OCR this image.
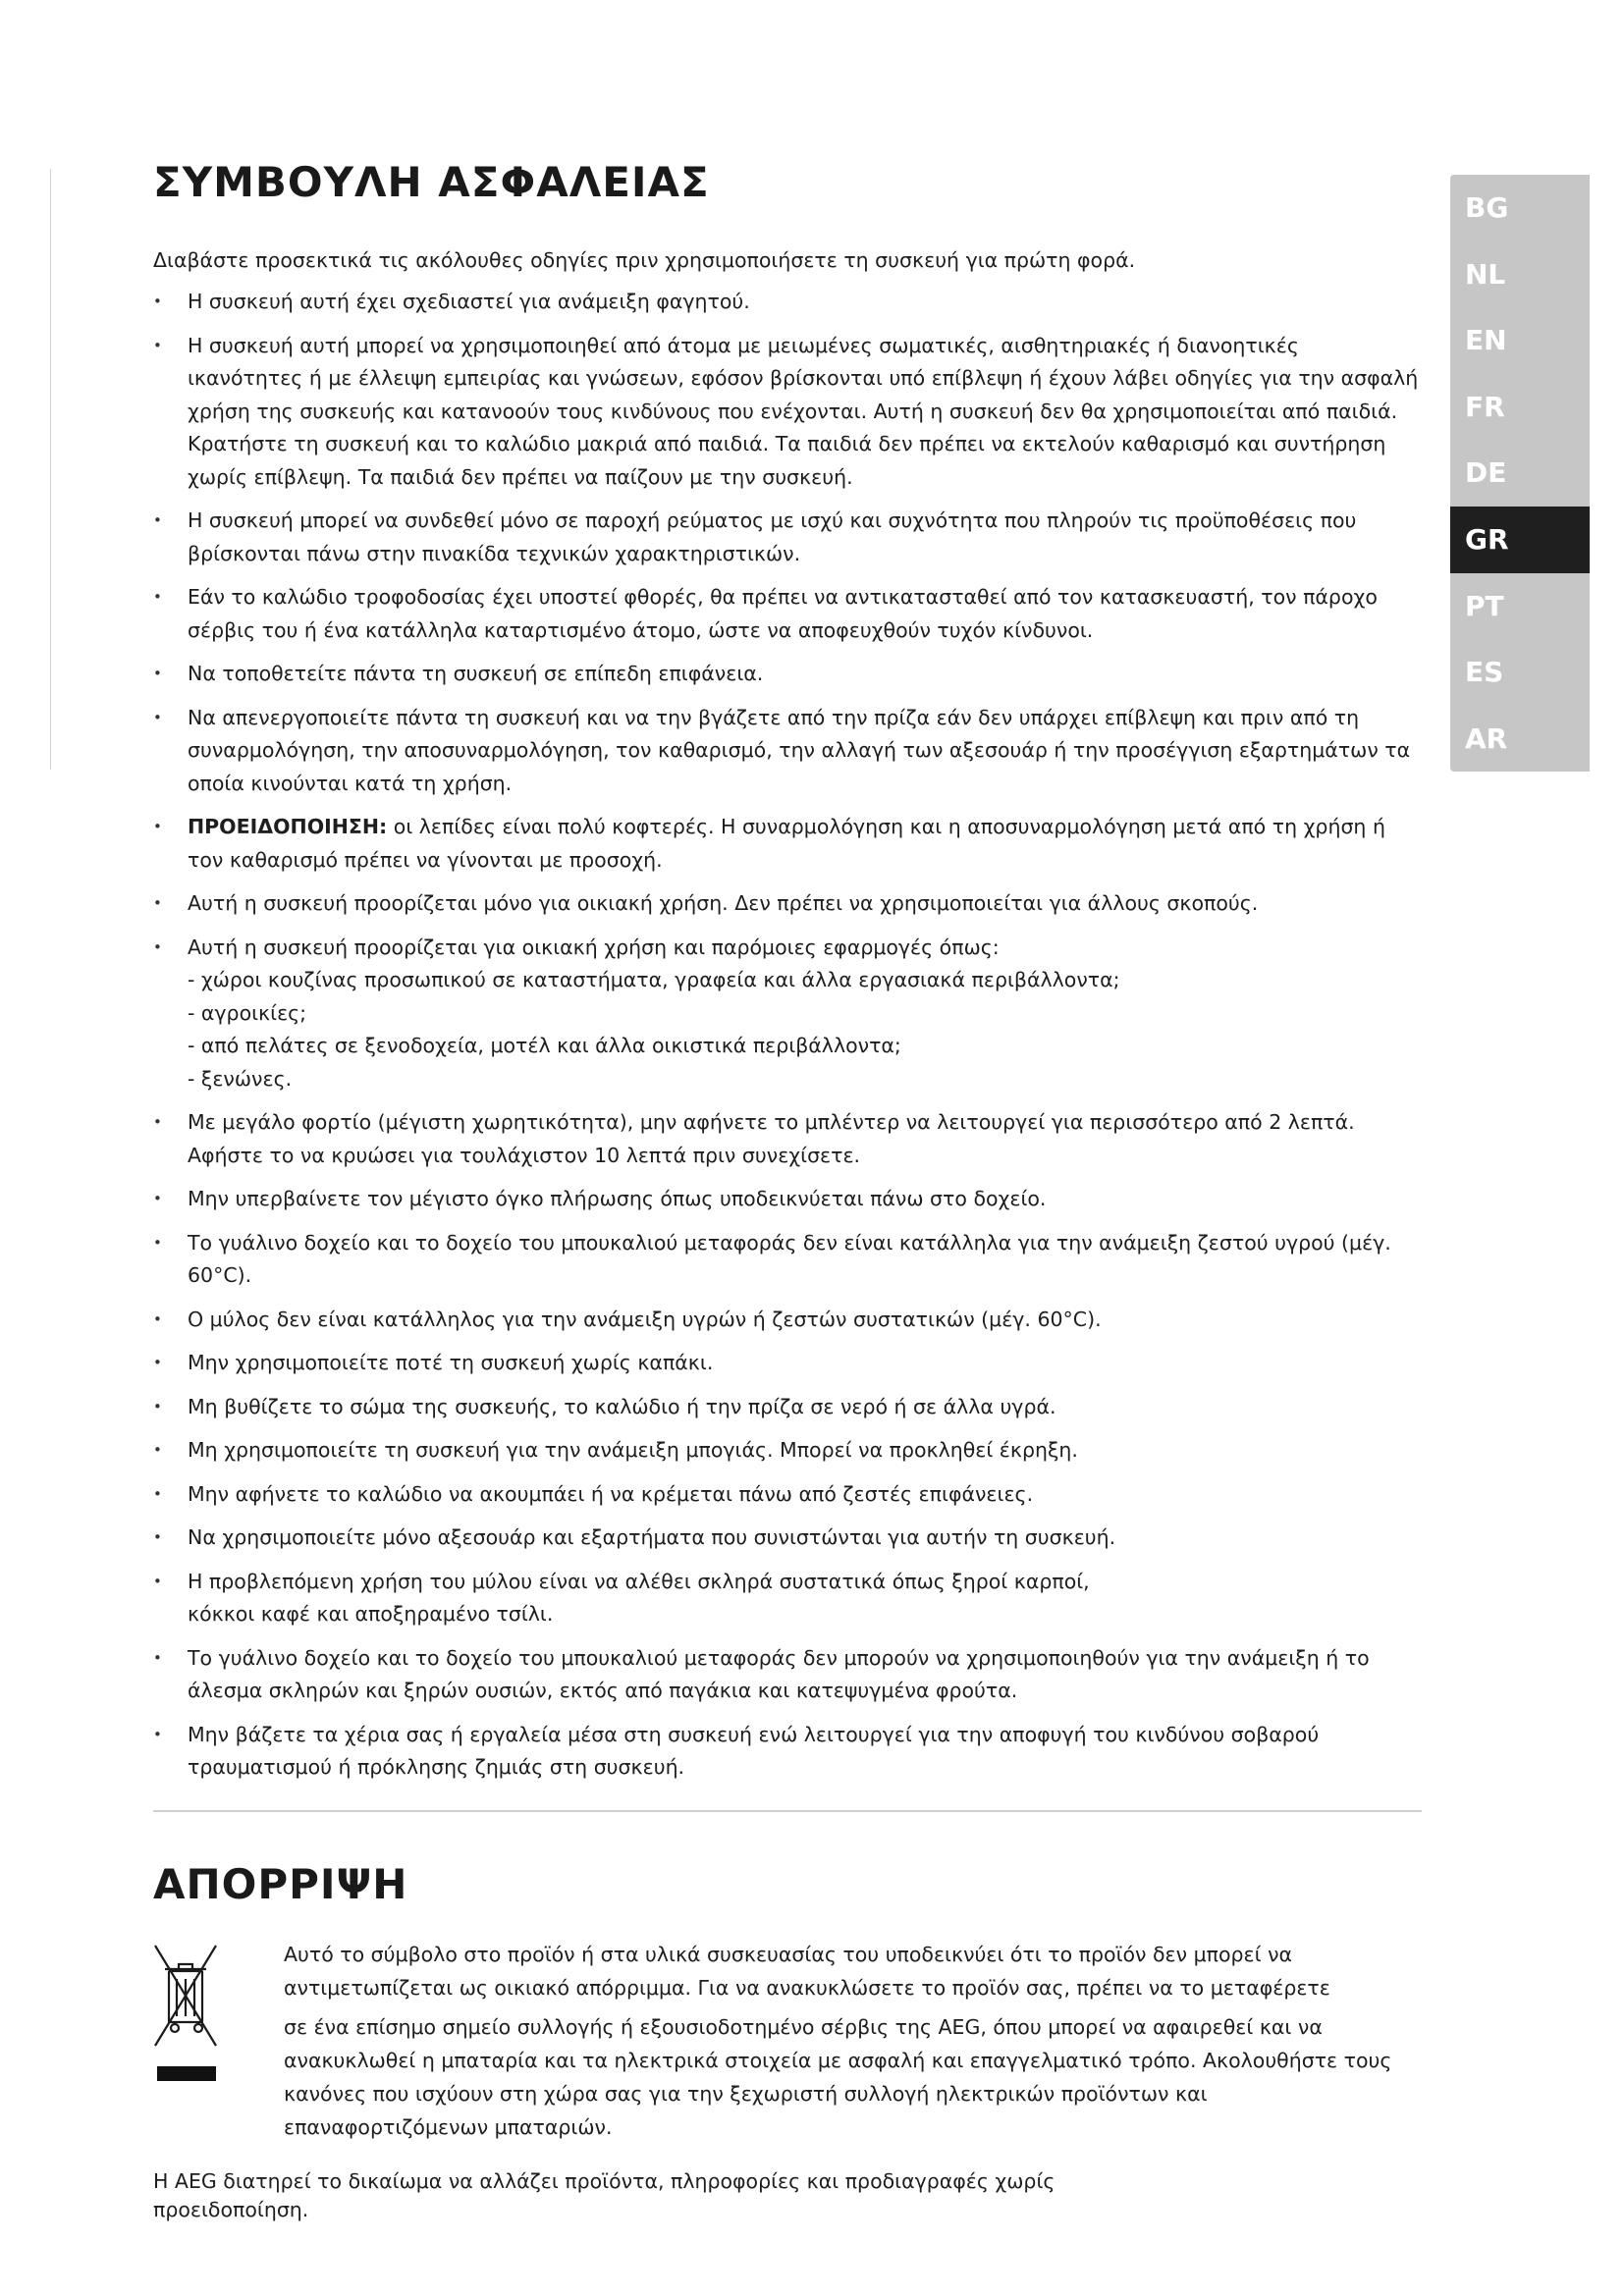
ΣΥΜΒΟΥΛΗ ΑΣΦΑΛΕΙΑΣ

Διαβάστε προσεκτικά τις ακόλουθες οδηγίες πριν χρησιμοποιήσετε τη συσκευή για πρώτη φορά.

• Η συσκευή αυτή έχει σχεδιαστεί για ανάμειξη φαγητού.
• Η συσκευή αυτή μπορεί να χρησιμοποιηθεί από άτομα με μειωμένες σωματικές, αισθητηριακές ή διανοητικές ικανότητες ή με έλλειψη εμπειρίας και γνώσεων, εφόσον βρίσκονται υπό επίβλεψη ή έχουν λάβει οδηγίες για την ασφαλή χρήση της συσκευής και κατανοούν τους κινδύνους που ενέχονται. Αυτή η συσκευή δεν θα χρησιμοποιείται από παιδιά. Κρατήστε τη συσκευή και το καλώδιο μακριά από παιδιά. Τα παιδιά δεν πρέπει να εκτελούν καθαρισμό και συντήρηση χωρίς επίβλεψη. Τα παιδιά δεν πρέπει να παίζουν με την συσκευή.
• Η συσκευή μπορεί να συνδεθεί μόνο σε παροχή ρεύματος με ισχύ και συχνότητα που πληρούν τις προϋποθέσεις που βρίσκονται πάνω στην πινακίδα τεχνικών χαρακτηριστικών.
• Εάν το καλώδιο τροφοδοσίας έχει υποστεί φθορές, θα πρέπει να αντικατασταθεί από τον κατασκευαστή, τον πάροχο σέρβις του ή ένα κατάλληλα καταρτισμένο άτομο, ώστε να αποφευχθούν τυχόν κίνδυνοι.
• Να τοποθετείτε πάντα τη συσκευή σε επίπεδη επιφάνεια.
• Να απενεργοποιείτε πάντα τη συσκευή και να την βγάζετε από την πρίζα εάν δεν υπάρχει επίβλεψη και πριν από τη συναρμολόγηση, την αποσυναρμολόγηση, τον καθαρισμό, την αλλαγή των αξεσουάρ ή την προσέγγιση εξαρτημάτων τα οποία κινούνται κατά τη χρήση.
• ΠΡΟΕΙΔΟΠΟΙΗΣΗ: οι λεπίδες είναι πολύ κοφτερές. Η συναρμολόγηση και η αποσυναρμολόγηση μετά από τη χρήση ή τον καθαρισμό πρέπει να γίνονται με προσοχή.
• Αυτή η συσκευή προορίζεται μόνο για οικιακή χρήση. Δεν πρέπει να χρησιμοποιείται για άλλους σκοπούς.
• Αυτή η συσκευή προορίζεται για οικιακή χρήση και παρόμοιες εφαρμογές όπως:
- χώροι κουζίνας προσωπικού σε καταστήματα, γραφεία και άλλα εργασιακά περιβάλλοντα;
- αγροικίες;
- από πελάτες σε ξενοδοχεία, μοτέλ και άλλα οικιστικά περιβάλλοντα;
- ξενώνες.
• Με μεγάλο φορτίο (μέγιστη χωρητικότητα), μην αφήνετε το μπλέντερ να λειτουργεί για περισσότερο από 2 λεπτά. Αφήστε το να κρυώσει για τουλάχιστον 10 λεπτά πριν συνεχίσετε.
• Μην υπερβαίνετε τον μέγιστο όγκο πλήρωσης όπως υποδεικνύεται πάνω στο δοχείο.
• Το γυάλινο δοχείο και το δοχείο του μπουκαλιού μεταφοράς δεν είναι κατάλληλα για την ανάμειξη ζεστού υγρού (μέγ. 60°C).
• Ο μύλος δεν είναι κατάλληλος για την ανάμειξη υγρών ή ζεστών συστατικών (μέγ. 60°C).
• Μην χρησιμοποιείτε ποτέ τη συσκευή χωρίς καπάκι.
• Μη βυθίζετε το σώμα της συσκευής, το καλώδιο ή την πρίζα σε νερό ή σε άλλα υγρά.
• Μη χρησιμοποιείτε τη συσκευή για την ανάμειξη μπογιάς. Μπορεί να προκληθεί έκρηξη.
• Μην αφήνετε το καλώδιο να ακουμπάει ή να κρέμεται πάνω από ζεστές επιφάνειες.
• Να χρησιμοποιείτε μόνο αξεσουάρ και εξαρτήματα που συνιστώνται για αυτήν τη συσκευή.
• Η προβλεπόμενη χρήση του μύλου είναι να αλέθει σκληρά συστατικά όπως ξηροί καρποί,
κόκκοι καφέ και αποξηραμένο τσίλι.
• Το γυάλινο δοχείο και το δοχείο του μπουκαλιού μεταφοράς δεν μπορούν να χρησιμοποιηθούν για την ανάμειξη ή το άλεσμα σκληρών και ξηρών ουσιών, εκτός από παγάκια και κατεψυγμένα φρούτα.
• Μην βάζετε τα χέρια σας ή εργαλεία μέσα στη συσκευή ενώ λειτουργεί για την αποφυγή του κινδύνου σοβαρού τραυματισμού ή πρόκλησης ζημιάς στη συσκευή.
ΑΠΟΡΡΙΨΗ
Αυτό το σύμβολο στο προϊόν ή στα υλικά συσκευασίας του υποδεικνύει ότι το προϊόν δεν μπορεί να αντιμετωπίζεται ως οικιακό απόρριμμα. Για να ανακυκλώσετε το προϊόν σας, πρέπει να το μεταφέρετε
σε ένα επίσημο σημείο συλλογής ή εξουσιοδοτημένο σέρβις της AEG, όπου μπορεί να αφαιρεθεί και να ανακυκλωθεί η μπαταρία και τα ηλεκτρικά στοιχεία με ασφαλή και επαγγελματικό τρόπο. Ακολουθήστε τους κανόνες που ισχύουν στη χώρα σας για την ξεχωριστή συλλογή ηλεκτρικών προϊόντων και επαναφορτιζόμενων μπαταριών.
Η AEG διατηρεί το δικαίωμα να αλλάζει προϊόντα, πληροφορίες και προδιαγραφές χωρίς προειδοποίηση.
BG
NL
EN
FR
DE
GR
PT
ES
AR
